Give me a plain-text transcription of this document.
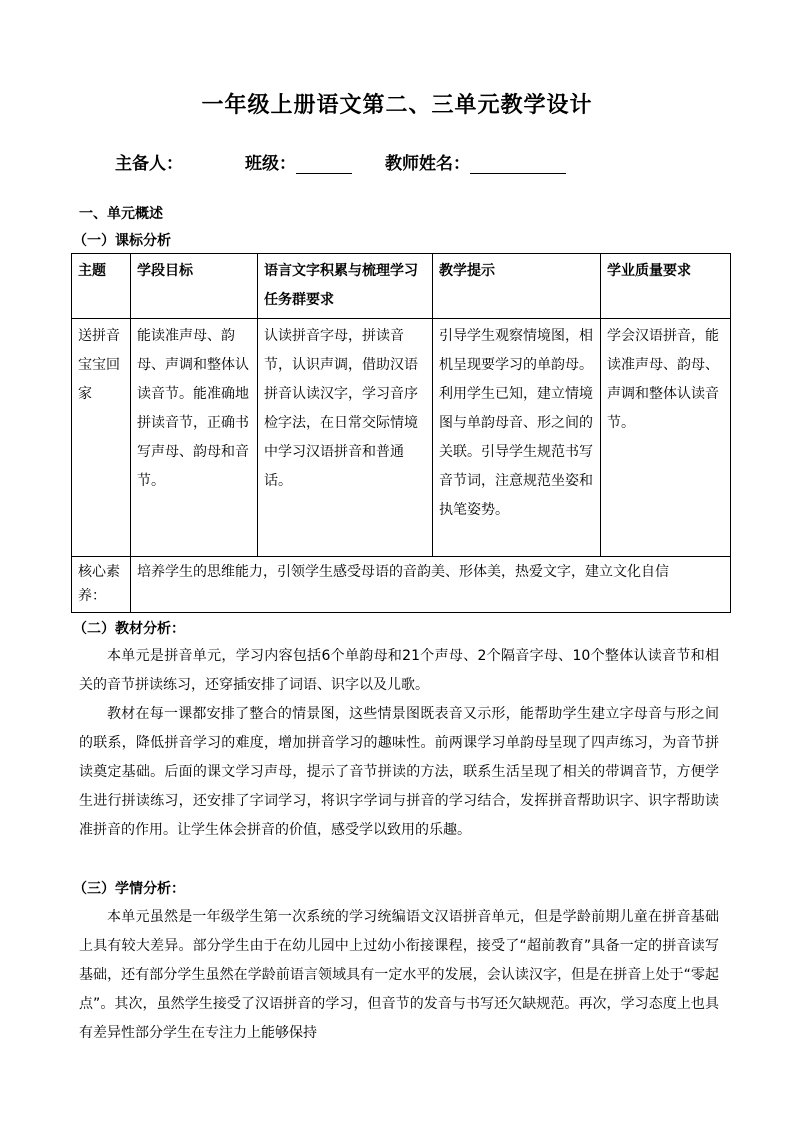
一年级上册语文第二、三单元教学设计
主备人：	班级：	教师姓名：
一、单元概述
（一）课标分析
主题	学段目标	语言文字积累与梳理学习任务群要求	教学提示	学业质量要求
送拼音宝宝回家	能读准声母、韵母、声调和整体认读音节。能准确地拼读音节，正确书写声母、韵母和音节。	认读拼音字母，拼读音节，认识声调，借助汉语拼音认读汉字，学习音序检字法，在日常交际情境中学习汉语拼音和普通话。	引导学生观察情境图，相机呈现要学习的单韵母。利用学生已知，建立情境图与单韵母音、形之间的关联。引导学生规范书写音节词，注意规范坐姿和执笔姿势。	学会汉语拼音，能读准声母、韵母、声调和整体认读音节。
核心素养：	培养学生的思维能力，引领学生感受母语的音韵美、形体美，热爱文字，建立文化自信			
（二）教材分析：

本单元是拼音单元，学习内容包括6个单韵母和21个声母、2个隔音字母、10个整体认读音节和相关的音节拼读练习，还穿插安排了词语、识字以及儿歌。

教材在每一课都安排了整合的情景图，这些情景图既表音又示形，能帮助学生建立字母音与形之间的联系，降低拼音学习的难度，增加拼音学习的趣味性。前两课学习单韵母呈现了四声练习，为音节拼读奠定基础。后面的课文学习声母，提示了音节拼读的方法，联系生活呈现了相关的带调音节，方便学生进行拼读练习，还安排了字词学习，将识字学词与拼音的学习结合，发挥拼音帮助识字、识字帮助读准拼音的作用。让学生体会拼音的价值，感受学以致用的乐趣。

（三）学情分析：

本单元虽然是一年级学生第一次系统的学习统编语文汉语拼音单元，但是学龄前期儿童在拼音基础上具有较大差异。部分学生由于在幼儿园中上过幼小衔接课程，接受了“超前教育”具备一定的拼音读写基础，还有部分学生虽然在学龄前语言领域具有一定水平的发展，会认读汉字，但是在拼音上处于“零起点”。其次，虽然学生接受了汉语拼音的学习，但音节的发音与书写还欠缺规范。再次，学习态度上也具有差异性部分学生在专注力上能够保持
